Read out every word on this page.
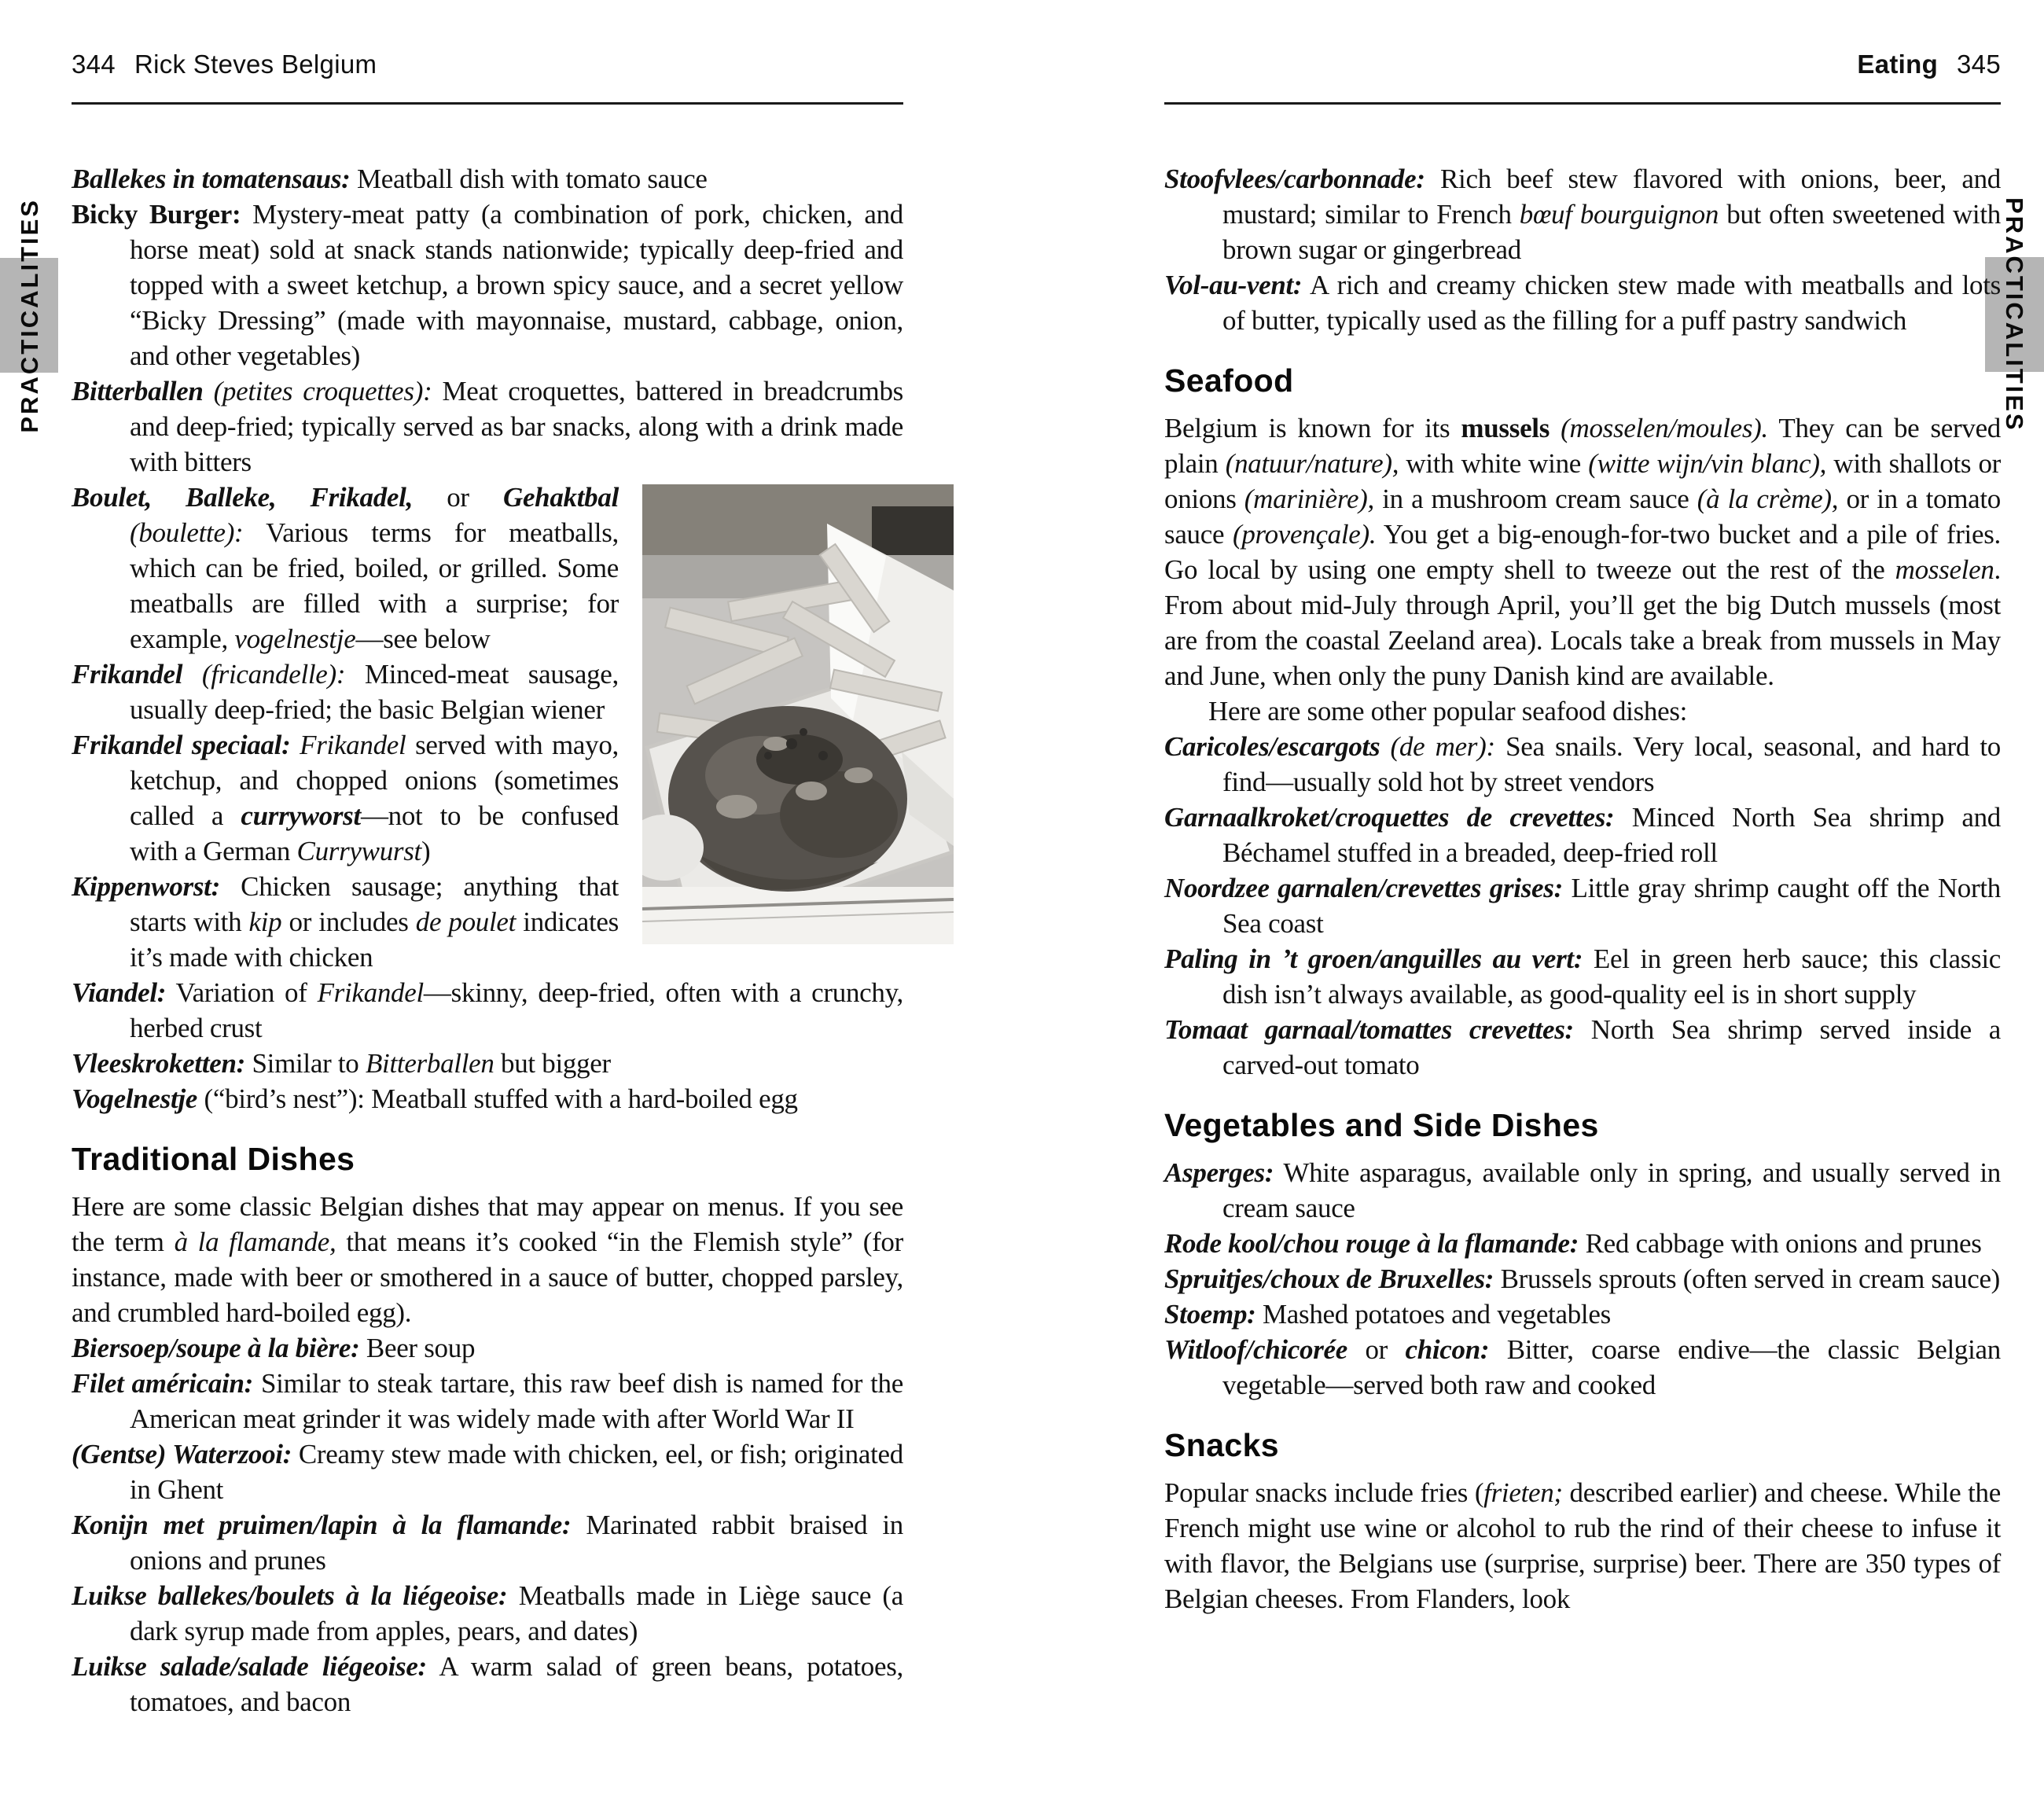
PRACTICALITIES	PRACTICALITIES
344 Rick Steves Belgium
Ballekes in tomatensaus: Meatball dish with tomato sauce
Bicky Burger: Mystery-meat patty (a combination of pork, chicken, and horse meat) sold at snack stands nationwide; typically deep-fried and topped with a sweet ketchup, a brown spicy sauce, and a secret yellow “Bicky Dressing” (made with mayonnaise, mustard, cabbage, onion, and other vegetables)
Bitterballen (petites croquettes): Meat croquettes, battered in breadcrumbs and deep-fried; typically served as bar snacks, along with a drink made with bitters
Boulet, Balleke, Frikadel, or Gehaktbal (boulette): Various terms for meatballs, which can be fried, boiled, or grilled. Some meatballs are filled with a surprise; for example, vogelnestje—see below
Frikandel (fricandelle): Minced-meat sausage, usually deep-fried; the basic Belgian wiener
Frikandel speciaal: Frikandel served with mayo, ketchup, and chopped onions (sometimes called a curryworst—not to be confused with a German Currywurst)
Kippenworst: Chicken sausage; anything that starts with kip or includes de poulet indicates it’s made with chicken
Viandel: Variation of Frikandel—skinny, deep-fried, often with a crunchy, herbed crust
Vleeskroketten: Similar to Bitterballen but bigger
Vogelnestje (“bird’s nest”): Meatball stuffed with a hard-boiled egg
Traditional Dishes
Here are some classic Belgian dishes that may appear on menus. If you see the term à la flamande, that means it’s cooked “in the Flemish style” (for instance, made with beer or smothered in a sauce of butter, chopped parsley, and crumbled hard-boiled egg).
Biersoep/soupe à la bière: Beer soup
Filet américain: Similar to steak tartare, this raw beef dish is named for the American meat grinder it was widely made with after World War II
(Gentse) Waterzooi: Creamy stew made with chicken, eel, or fish; originated in Ghent
Konijn met pruimen/lapin à la flamande: Marinated rabbit braised in onions and prunes
Luikse ballekes/boulets à la liégeoise: Meatballs made in Liège sauce (a dark syrup made from apples, pears, and dates)
Luikse salade/salade liégeoise: A warm salad of green beans, potatoes, tomatoes, and bacon
Eating 345
Stoofvlees/carbonnade: Rich beef stew flavored with onions, beer, and mustard; similar to French bœuf bourguignon but often sweetened with brown sugar or gingerbread
Vol-au-vent: A rich and creamy chicken stew made with meatballs and lots of butter, typically used as the filling for a puff pastry sandwich
Seafood
Belgium is known for its mussels (mosselen/moules). They can be served plain (natuur/nature), with white wine (witte wijn/vin blanc), with shallots or onions (marinière), in a mushroom cream sauce (à la crème), or in a tomato sauce (provençale). You get a big-enough-for-two bucket and a pile of fries. Go local by using one empty shell to tweeze out the rest of the mosselen. From about mid-July through April, you’ll get the big Dutch mussels (most are from the coastal Zeeland area). Locals take a break from mussels in May and June, when only the puny Danish kind are available.
Here are some other popular seafood dishes:
Caricoles/escargots (de mer): Sea snails. Very local, seasonal, and hard to find—usually sold hot by street vendors
Garnaalkroket/croquettes de crevettes: Minced North Sea shrimp and Béchamel stuffed in a breaded, deep-fried roll
Noordzee garnalen/crevettes grises: Little gray shrimp caught off the North Sea coast
Paling in ’t groen/anguilles au vert: Eel in green herb sauce; this classic dish isn’t always available, as good-quality eel is in short supply
Tomaat garnaal/tomattes crevettes: North Sea shrimp served inside a carved-out tomato
Vegetables and Side Dishes
Asperges: White asparagus, available only in spring, and usually served in cream sauce
Rode kool/chou rouge à la flamande: Red cabbage with onions and prunes
Spruitjes/choux de Bruxelles: Brussels sprouts (often served in cream sauce)
Stoemp: Mashed potatoes and vegetables
Witloof/chicorée or chicon: Bitter, coarse endive—the classic Belgian vegetable—served both raw and cooked
Snacks
Popular snacks include fries (frieten; described earlier) and cheese. While the French might use wine or alcohol to rub the rind of their cheese to infuse it with flavor, the Belgians use (surprise, surprise) beer. There are 350 types of Belgian cheeses. From Flanders, look
